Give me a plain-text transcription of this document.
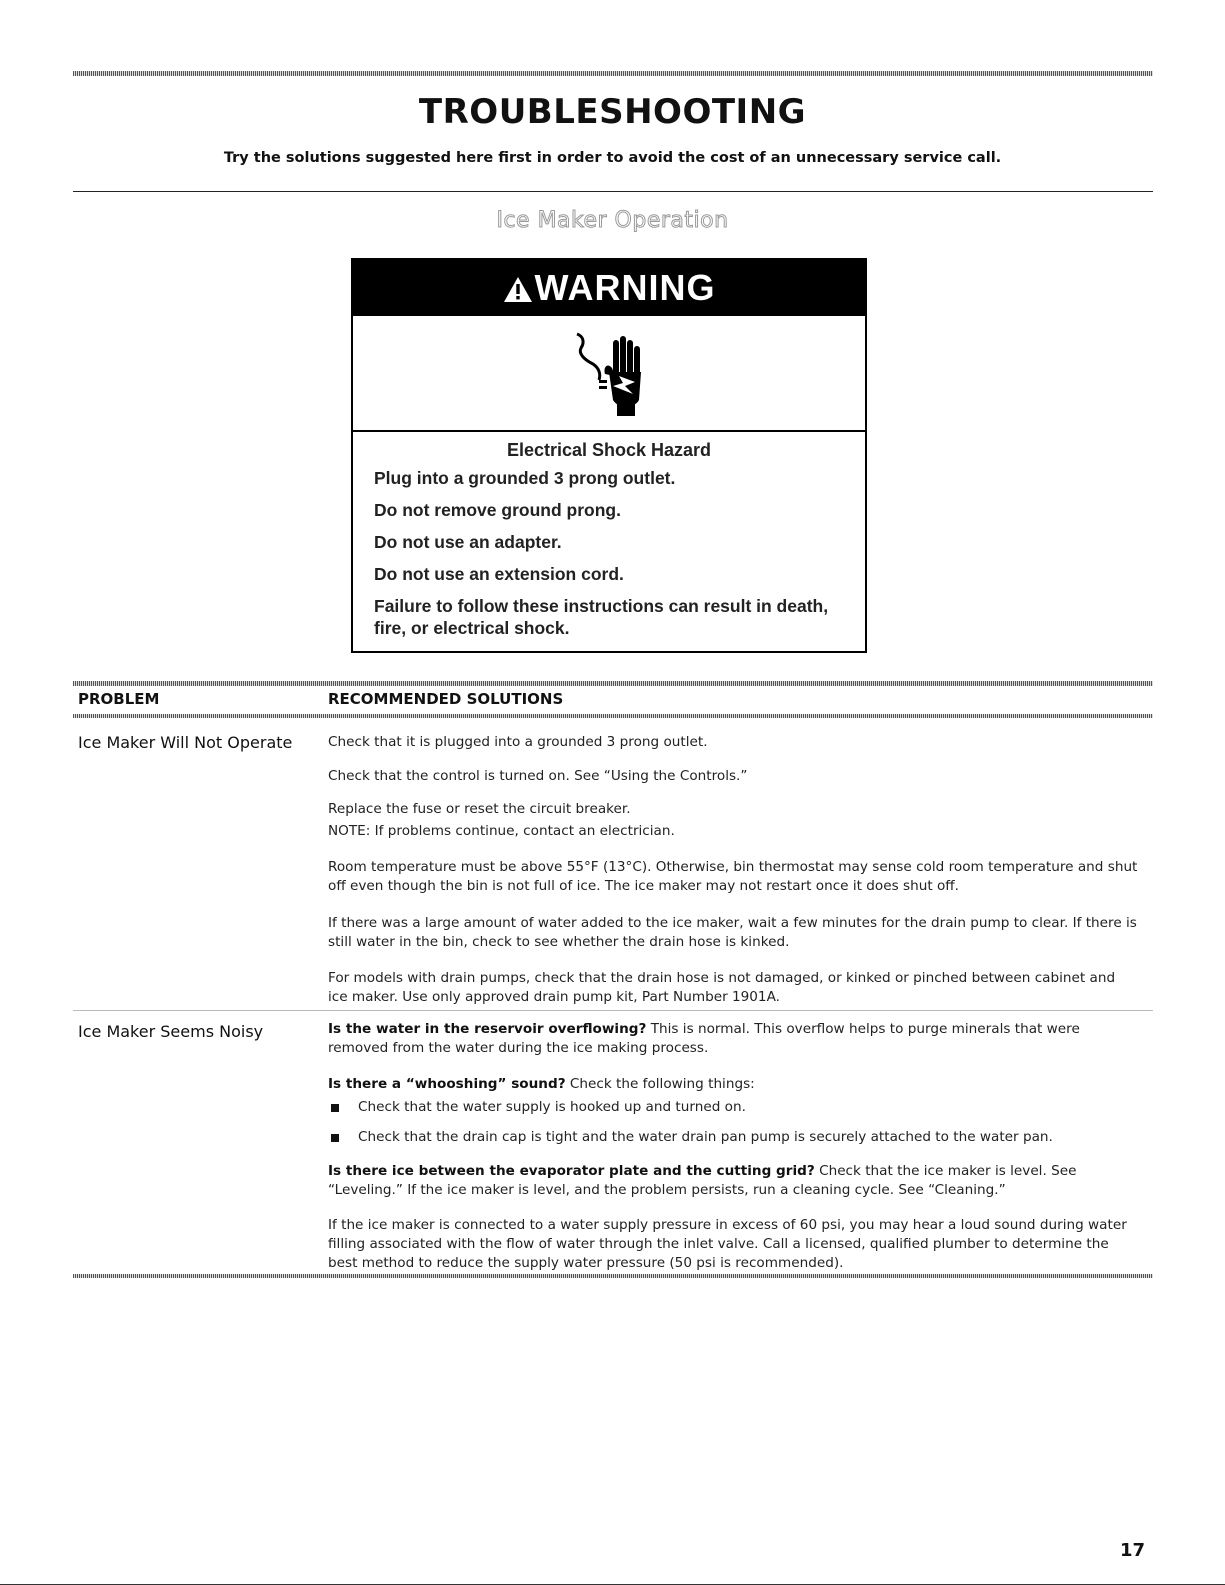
TROUBLESHOOTING

Try the solutions suggested here first in order to avoid the cost of an unnecessary service call.

Ice Maker Operation
WARNING
Electrical Shock Hazard
Plug into a grounded 3 prong outlet.
Do not remove ground prong.
Do not use an adapter.
Do not use an extension cord.
Failure to follow these instructions can result in death,
fire, or electrical shock.
PROBLEM	RECOMMENDED SOLUTIONS
Ice Maker Will Not Operate	Check that it is plugged into a grounded 3 prong outlet.
Check that the control is turned on. See “Using the Controls.”
Replace the fuse or reset the circuit breaker.
NOTE: If problems continue, contact an electrician.
Room temperature must be above 55°F (13°C). Otherwise, bin thermostat may sense cold room temperature and shut off even though the bin is not full of ice. The ice maker may not restart once it does shut off.
If there was a large amount of water added to the ice maker, wait a few minutes for the drain pump to clear. If there is still water in the bin, check to see whether the drain hose is kinked.
For models with drain pumps, check that the drain hose is not damaged, or kinked or pinched between cabinet and ice maker. Use only approved drain pump kit, Part Number 1901A.
Ice Maker Seems Noisy	Is the water in the reservoir overflowing? This is normal. This overflow helps to purge minerals that were removed from the water during the ice making process.
Is there a “whooshing” sound? Check the following things:
Check that the water supply is hooked up and turned on.
Check that the drain cap is tight and the water drain pan pump is securely attached to the water pan.
Is there ice between the evaporator plate and the cutting grid? Check that the ice maker is level. See “Leveling.” If the ice maker is level, and the problem persists, run a cleaning cycle. See “Cleaning.”
If the ice maker is connected to a water supply pressure in excess of 60 psi, you may hear a loud sound during water filling associated with the flow of water through the inlet valve. Call a licensed, qualified plumber to determine the best method to reduce the supply water pressure (50 psi is recommended).
17
